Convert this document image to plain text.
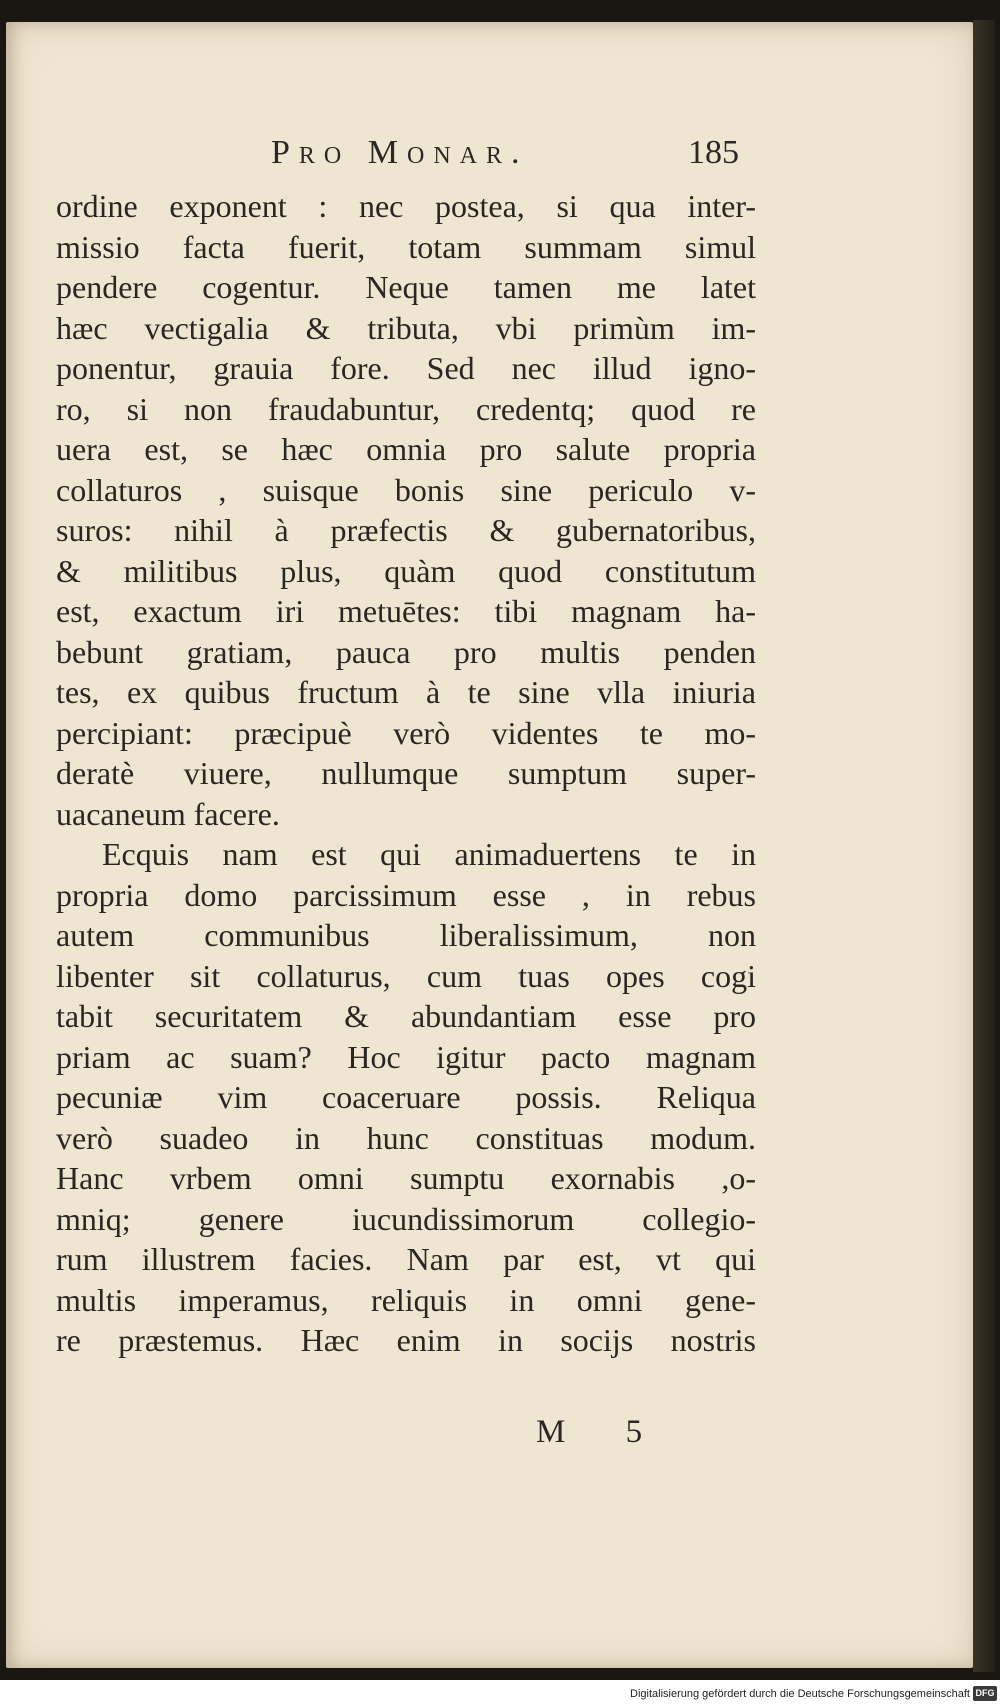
Pro Monar.	185
ordine exponent : nec postea, si qua inter-
missio facta fuerit, totam summam simul
pendere cogentur. Neque tamen me latet
hæc vectigalia & tributa, vbi primùm im-
ponentur, grauia fore. Sed nec illud igno-
ro, si non fraudabuntur, credentq; quod re
uera est, se hæc omnia pro salute propria
collaturos , suisque bonis sine periculo v-
suros: nihil à præfectis & gubernatoribus,
& militibus plus, quàm quod constitutum
est, exactum iri metuētes: tibi magnam ha-
bebunt gratiam, pauca pro multis penden
tes, ex quibus fructum à te sine vlla iniuria
percipiant: præcipuè verò videntes te mo-
deratè viuere, nullumque sumptum super-
uacaneum facere.
Ecquis nam est qui animaduertens te in
propria domo parcissimum esse , in rebus
autem communibus liberalissimum, non
libenter sit collaturus, cum tuas opes cogi
tabit securitatem & abundantiam esse pro
priam ac suam? Hoc igitur pacto magnam
pecuniæ vim coaceruare possis. Reliqua
verò suadeo in hunc constituas modum.
Hanc vrbem omni sumptu exornabis ,o-
mniq; genere iucundissimorum collegio-
rum illustrem facies. Nam par est, vt qui
multis imperamus, reliquis in omni gene-
re præstemus. Hæc enim in socijs nostris
M 5
Digitalisierung gefördert durch die Deutsche Forschungsgemeinschaft DFG
